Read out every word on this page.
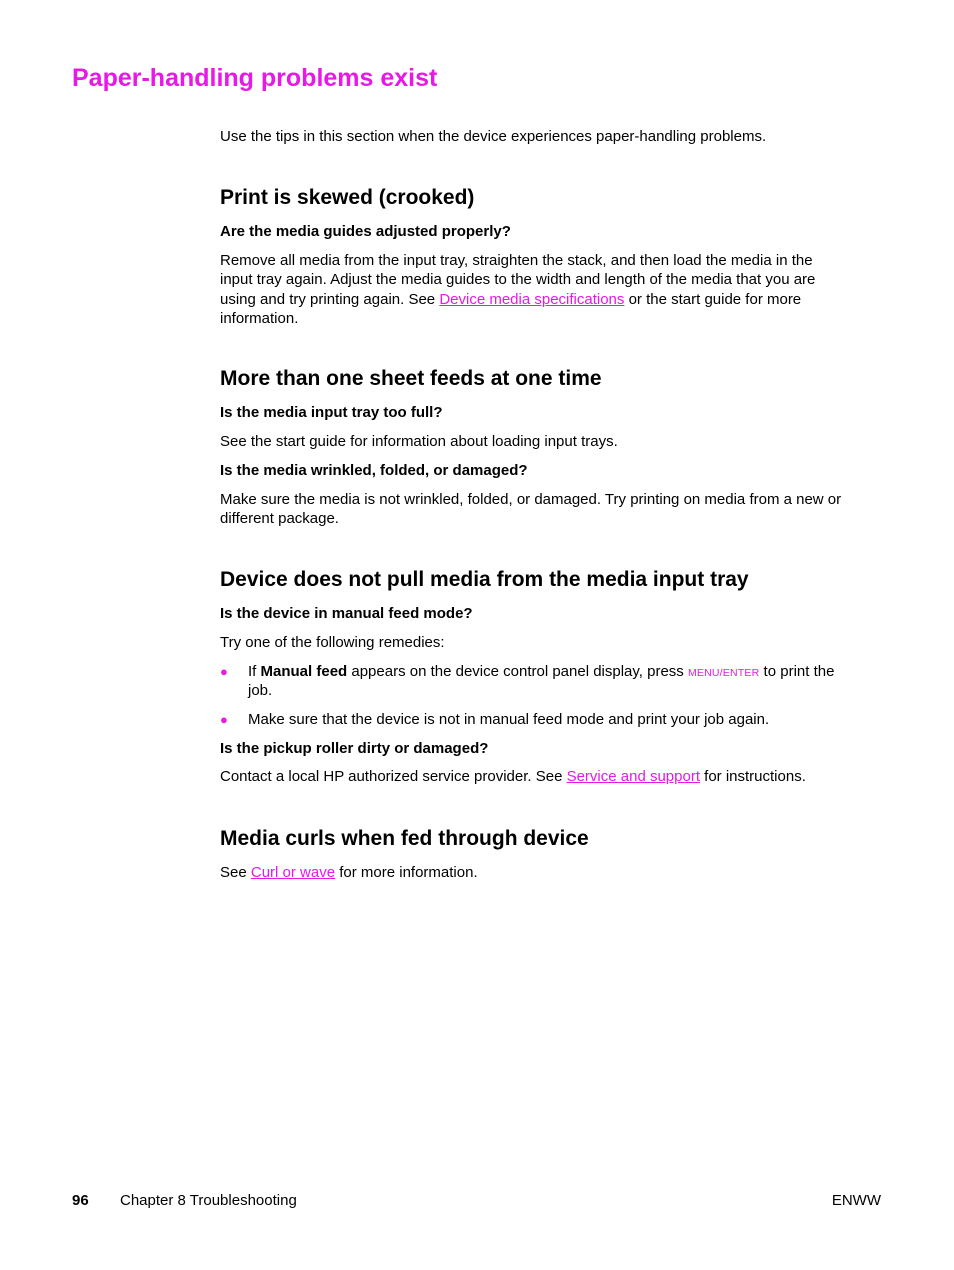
Paper-handling problems exist
Use the tips in this section when the device experiences paper-handling problems.
Print is skewed (crooked)
Are the media guides adjusted properly?
Remove all media from the input tray, straighten the stack, and then load the media in the
input tray again. Adjust the media guides to the width and length of the media that you are
using and try printing again. See Device media specifications or the start guide for more
information.
More than one sheet feeds at one time
Is the media input tray too full?
See the start guide for information about loading input trays.
Is the media wrinkled, folded, or damaged?
Make sure the media is not wrinkled, folded, or damaged. Try printing on media from a new or
different package.
Device does not pull media from the media input tray
Is the device in manual feed mode?
Try one of the following remedies:
● If Manual feed appears on the device control panel display, press MENU/ENTER to print the
job.
● Make sure that the device is not in manual feed mode and print your job again.
Is the pickup roller dirty or damaged?
Contact a local HP authorized service provider. See Service and support for instructions.
Media curls when fed through device
See Curl or wave for more information.
96 Chapter 8 Troubleshooting	ENWW
